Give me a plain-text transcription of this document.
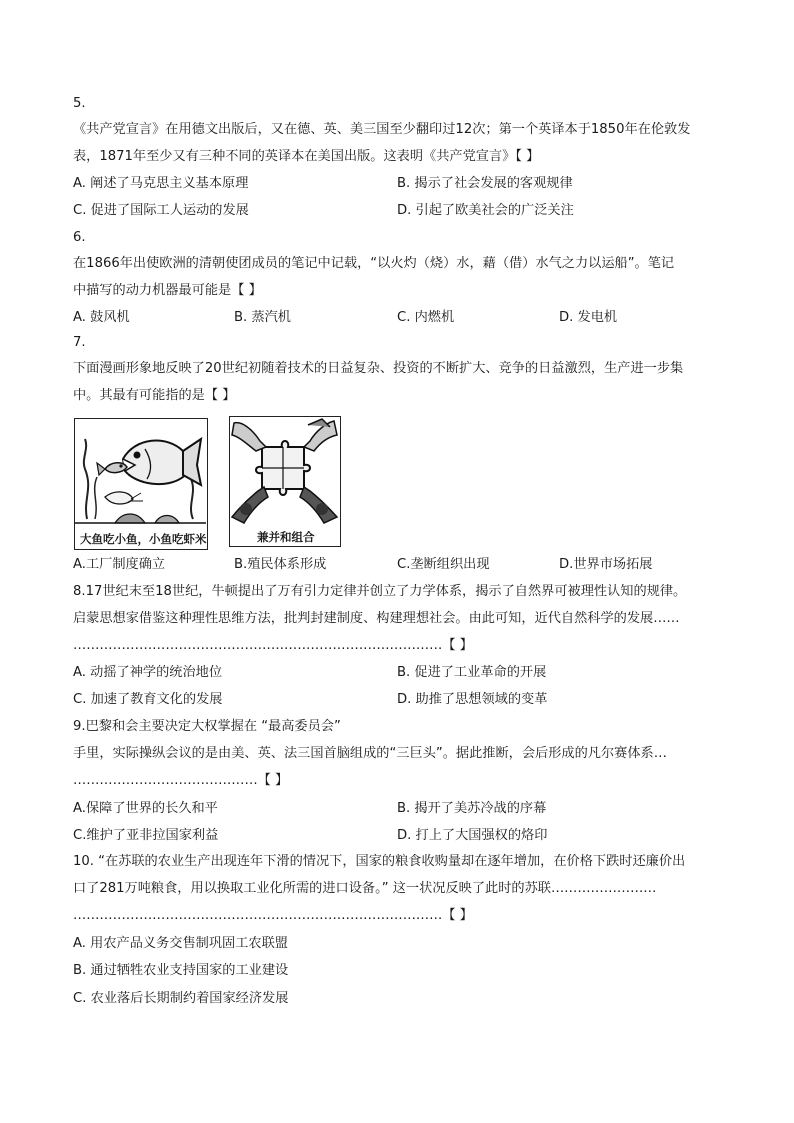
5.
《共产党宣言》在用德文出版后，又在德、英、美三国至少翻印过12次；第一个英译本于1850年在伦敦发
表，1871年至少又有三种不同的英译本在美国出版。这表明《共产党宣言》【 】
A. 阐述了马克思主义基本原理	B. 揭示了社会发展的客观规律
C. 促进了国际工人运动的发展	D. 引起了欧美社会的广泛关注
6.
在1866年出使欧洲的清朝使团成员的笔记中记载，“以火灼（烧）水，藉（借）水气之力以运船”。笔记
中描写的动力机器最可能是【 】
A. 鼓风机	B. 蒸汽机	C. 内燃机	D. 发电机
7.
下面漫画形象地反映了20世纪初随着技术的日益复杂、投资的不断扩大、竞争的日益激烈，生产进一步集
中。其最有可能指的是【 】
大鱼吃小鱼，小鱼吃虾米	兼并和组合
A.工厂制度确立	B.殖民体系形成	C.垄断组织出现	D.世界市场拓展
8.17世纪末至18世纪，牛顿提出了万有引力定律并创立了力学体系，揭示了自然界可被理性认知的规律。
启蒙思想家借鉴这种理性思维方法，批判封建制度、构建理想社会。由此可知，近代自然科学的发展……
…………………………………………………………………………【 】
A. 动摇了神学的统治地位	B. 促进了工业革命的开展
C. 加速了教育文化的发展	D. 助推了思想领域的变革
9.巴黎和会主要决定大权掌握在 “最高委员会”
手里，实际操纵会议的是由美、英、法三国首脑组成的“三巨头”。据此推断，会后形成的凡尔赛体系…
……………………………………【 】
A.保障了世界的长久和平	B. 揭开了美苏冷战的序幕
C.维护了亚非拉国家利益	D. 打上了大国强权的烙印
10. “在苏联的农业生产出现连年下滑的情况下，国家的粮食收购量却在逐年增加，在价格下跌时还廉价出
口了281万吨粮食，用以换取工业化所需的进口设备。” 这一状况反映了此时的苏联……………………
…………………………………………………………………………【 】
A. 用农产品义务交售制巩固工农联盟
B. 通过牺牲农业支持国家的工业建设
C. 农业落后长期制约着国家经济发展
